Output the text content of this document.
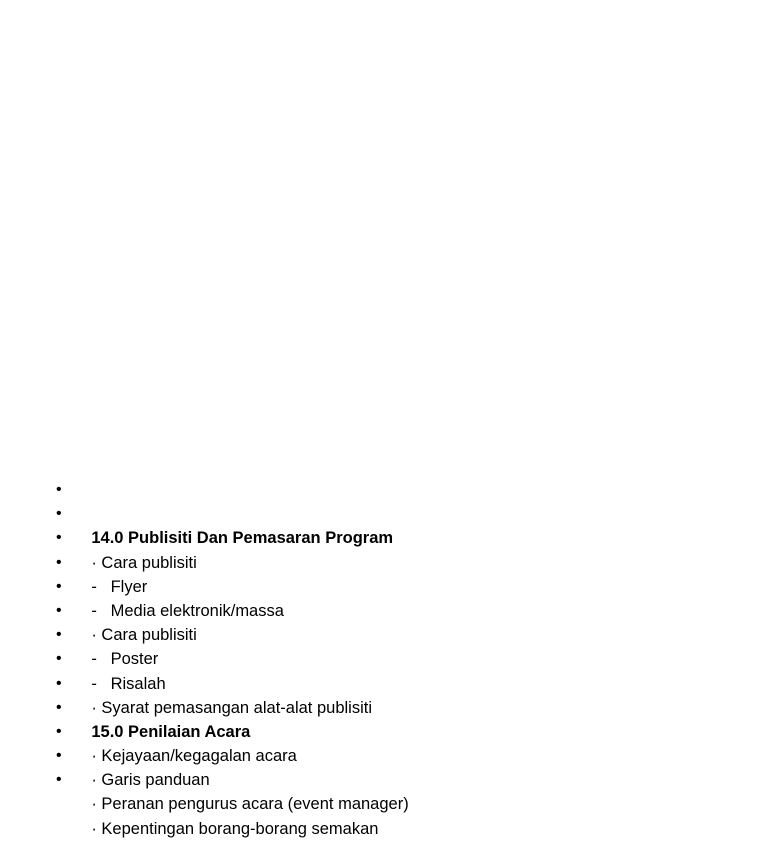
•

14.0 Publisiti Dan Pemasaran Program

•

· Cara publisiti

•

-   Flyer

•

-   Media elektronik/massa

•

· Cara publisiti

•

-   Poster

•

-   Risalah

•

· Syarat pemasangan alat-alat publisiti

•

15.0 Penilaian Acara

•

· Kejayaan/kegagalan acara

•

· Garis panduan

•

· Peranan pengurus acara (event manager)

•

· Kepentingan borang-borang semakan
